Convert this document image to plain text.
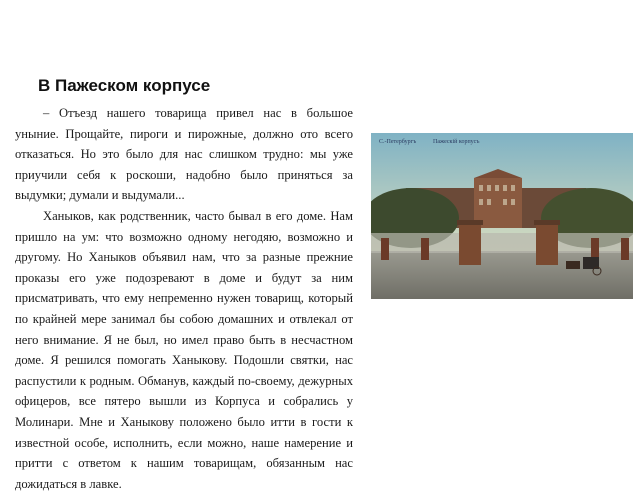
В Пажеском корпусе
– Отъезд нашего товарища привел нас в большое
уныние. Прощайте, пироги и пирожные, должно ото всего
отказаться. Но это было для нас слишком трудно: мы уже
приучили себя к роскоши, надобно было приняться за
выдумки; думали и выдумали...
Ханыков, как родственник, часто бывал в его доме. Нам
пришло на ум: что возможно одному негодяю, возможно и
другому. Но Ханыков объявил нам, что за разные прежние
проказы его уже подозревают в доме и будут за ним
присматривать, что ему непременно нужен товарищ, который
по крайней мере занимал бы собою домашних и отвлекал от
него внимание. Я не был, но имел право быть в несчастном
доме. Я решился помогать Ханыкову. Подошли святки, нас
распустили к родным. Обманув, каждый по-своему, дежурных
офицеров, все пятеро вышли из Корпуса и собрались у
Молинари. Мне и Ханыкову положено было итти в гости к
известной особе, исполнить, если можно, наше намерение и
притти с ответом к нашим товарищам, обязанным нас
дожидаться в лавке.
С.-Петербургъ	Пажескій корпусъ
